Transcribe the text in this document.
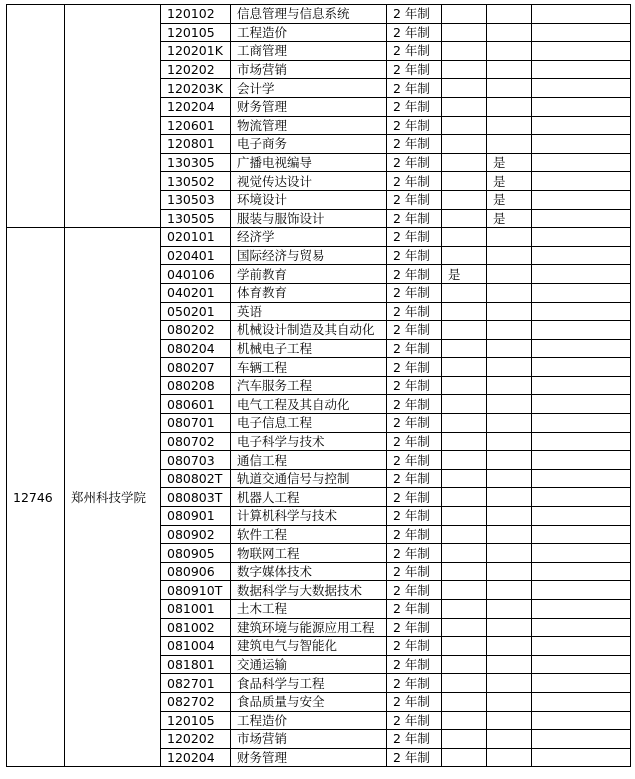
		120102	信息管理与信息系统	2 年制			
		120105	工程造价	2 年制			
		120201K	工商管理	2 年制			
		120202	市场营销	2 年制			
		120203K	会计学	2 年制			
		120204	财务管理	2 年制			
		120601	物流管理	2 年制			
		120801	电子商务	2 年制			
		130305	广播电视编导	2 年制		是	
		130502	视觉传达设计	2 年制		是	
		130503	环境设计	2 年制		是	
		130505	服装与服饰设计	2 年制		是	
12746	郑州科技学院	020101	经济学	2 年制			
		020401	国际经济与贸易	2 年制			
		040106	学前教育	2 年制	是		
		040201	体育教育	2 年制			
		050201	英语	2 年制			
		080202	机械设计制造及其自动化	2 年制			
		080204	机械电子工程	2 年制			
		080207	车辆工程	2 年制			
		080208	汽车服务工程	2 年制			
		080601	电气工程及其自动化	2 年制			
		080701	电子信息工程	2 年制			
		080702	电子科学与技术	2 年制			
		080703	通信工程	2 年制			
		080802T	轨道交通信号与控制	2 年制			
		080803T	机器人工程	2 年制			
		080901	计算机科学与技术	2 年制			
		080902	软件工程	2 年制			
		080905	物联网工程	2 年制			
		080906	数字媒体技术	2 年制			
		080910T	数据科学与大数据技术	2 年制			
		081001	土木工程	2 年制			
		081002	建筑环境与能源应用工程	2 年制			
		081004	建筑电气与智能化	2 年制			
		081801	交通运输	2 年制			
		082701	食品科学与工程	2 年制			
		082702	食品质量与安全	2 年制			
		120105	工程造价	2 年制			
		120202	市场营销	2 年制			
		120204	财务管理	2 年制			
